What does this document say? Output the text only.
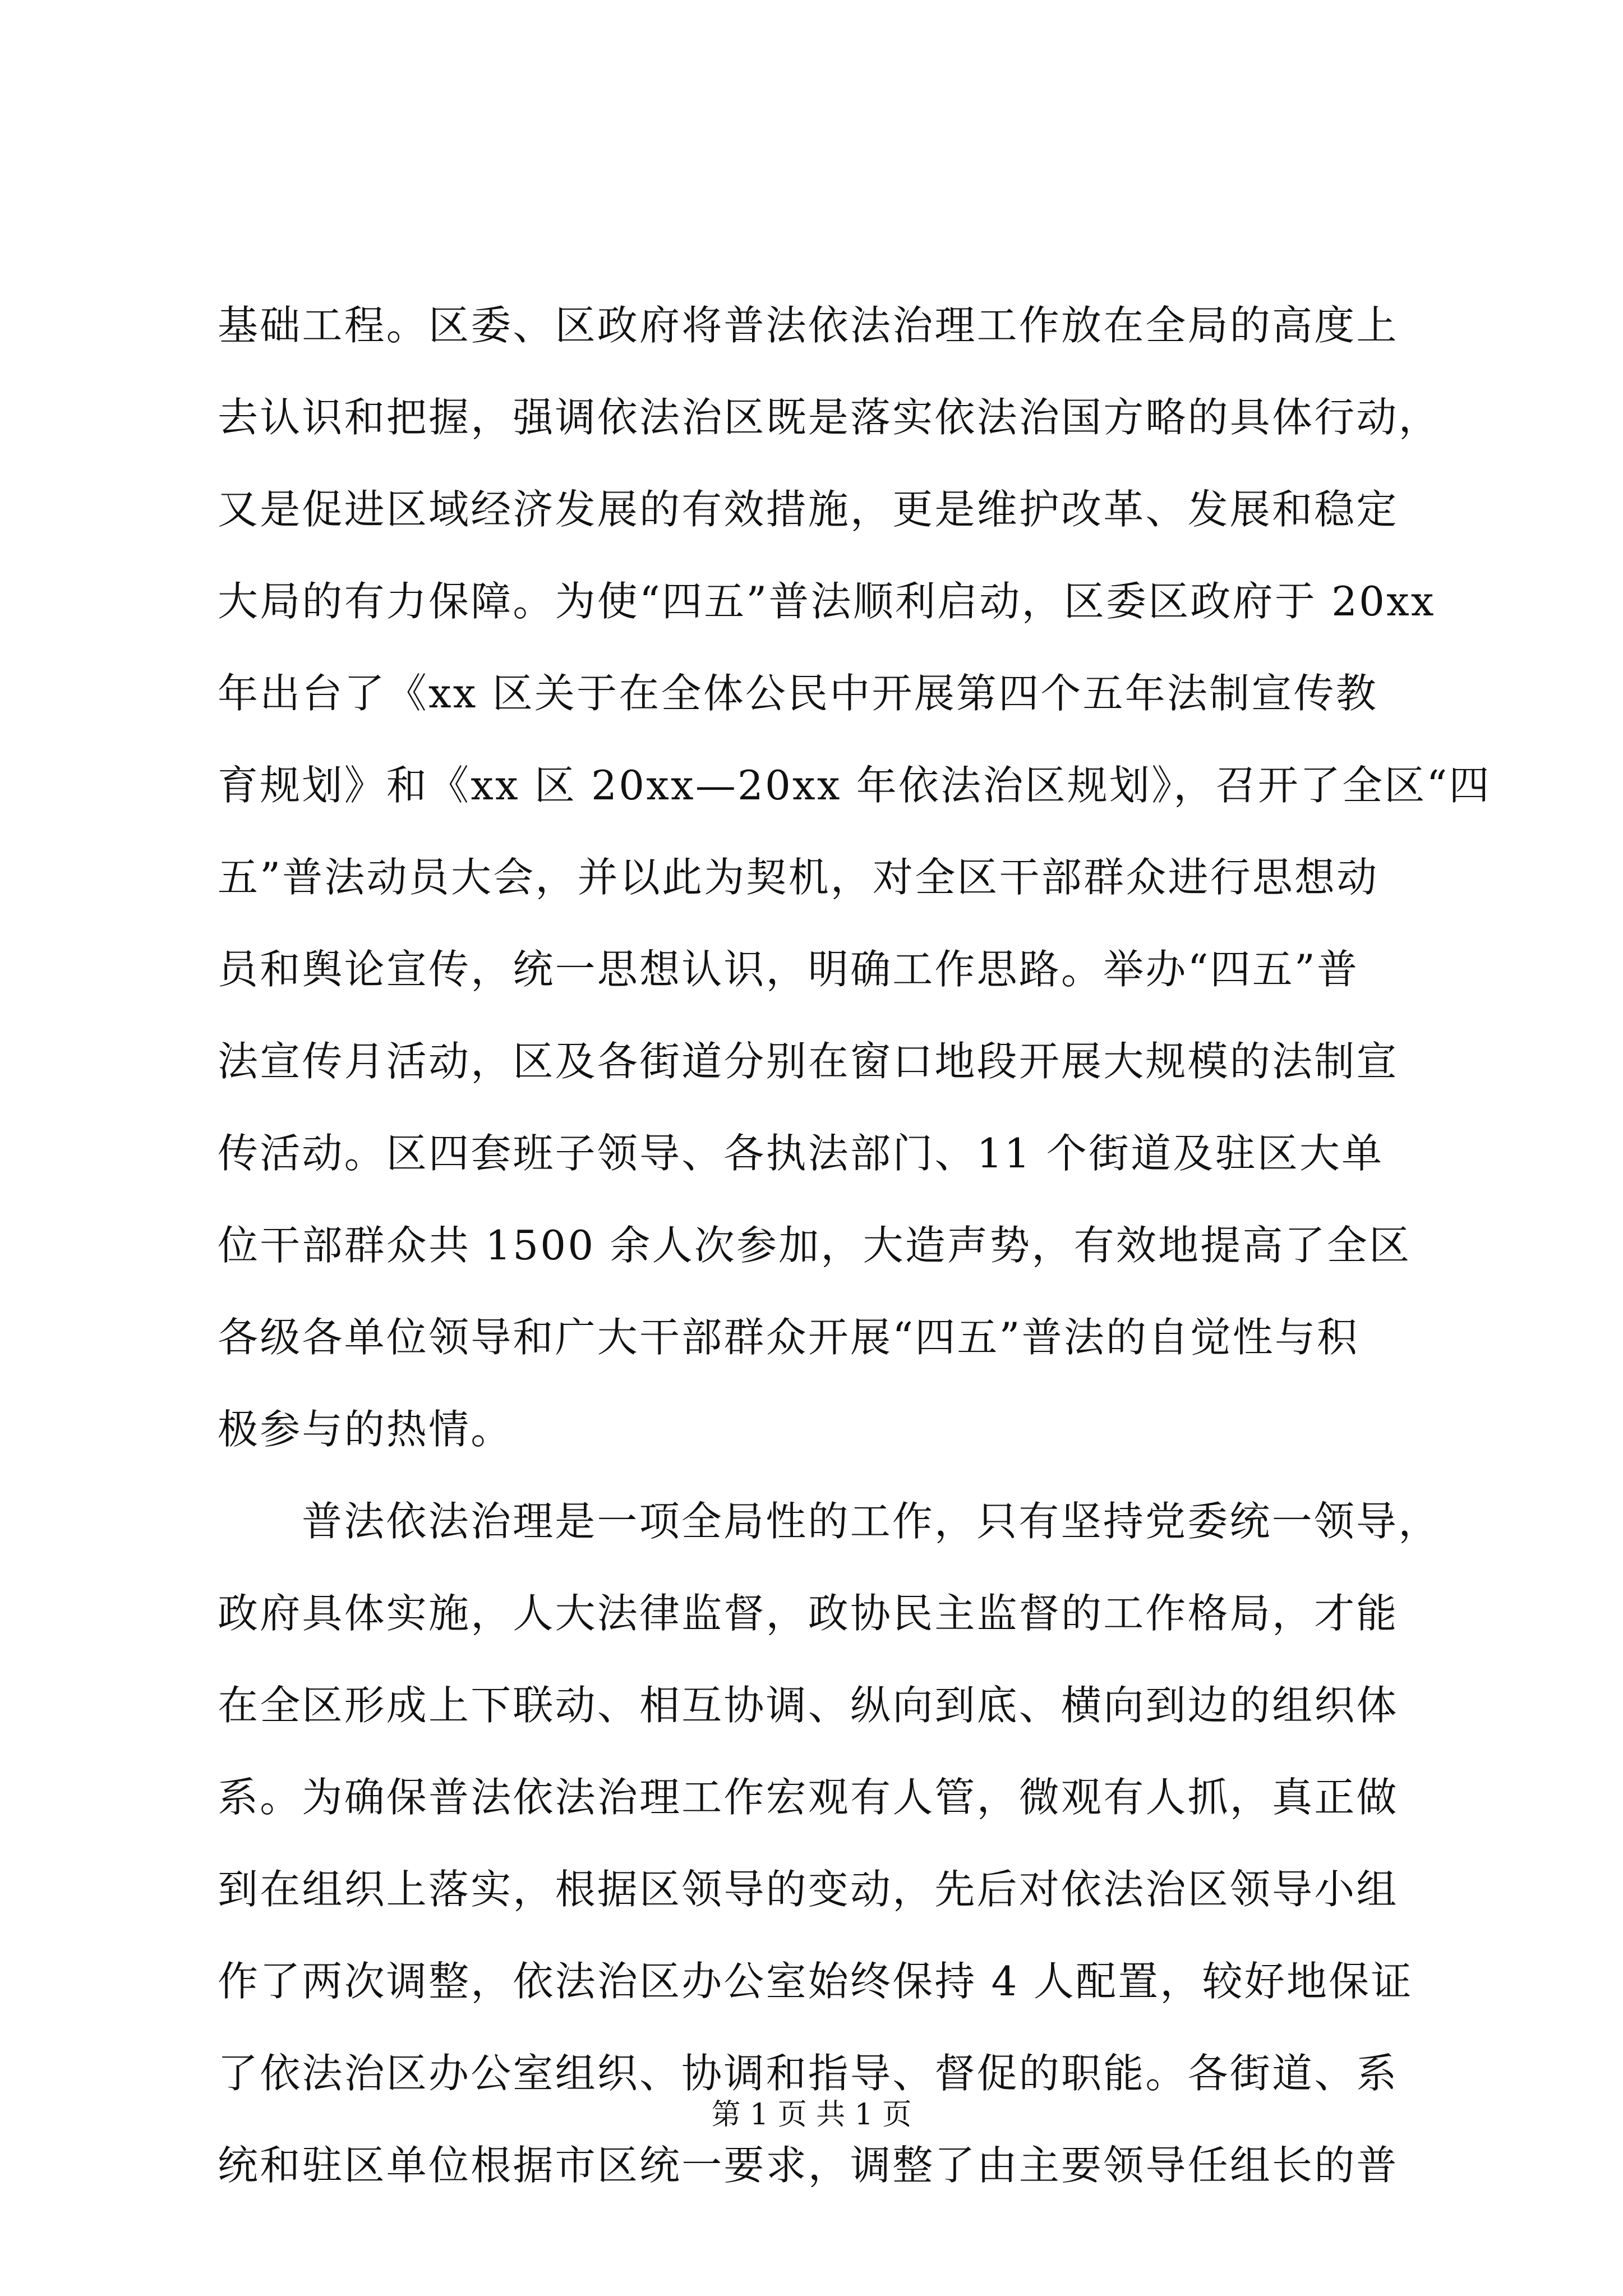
基础工程。区委、区政府将普法依法治理工作放在全局的高度上
去认识和把握，强调依法治区既是落实依法治国方略的具体行动，
又是促进区域经济发展的有效措施，更是维护改革、发展和稳定
大局的有力保障。为使“四五”普法顺利启动，区委区政府于 20xx
年出台了《xx 区关于在全体公民中开展第四个五年法制宣传教
育规划》和《xx 区 20xx—20xx 年依法治区规划》，召开了全区“四
五”普法动员大会，并以此为契机，对全区干部群众进行思想动
员和舆论宣传，统一思想认识，明确工作思路。举办“四五”普
法宣传月活动，区及各街道分别在窗口地段开展大规模的法制宣
传活动。区四套班子领导、各执法部门、11 个街道及驻区大单
位干部群众共 1500 余人次参加，大造声势，有效地提高了全区
各级各单位领导和广大干部群众开展“四五”普法的自觉性与积
极参与的热情。
普法依法治理是一项全局性的工作，只有坚持党委统一领导，
政府具体实施，人大法律监督，政协民主监督的工作格局，才能
在全区形成上下联动、相互协调、纵向到底、横向到边的组织体
系。为确保普法依法治理工作宏观有人管，微观有人抓，真正做
到在组织上落实，根据区领导的变动，先后对依法治区领导小组
作了两次调整，依法治区办公室始终保持 4 人配置，较好地保证
了依法治区办公室组织、协调和指导、督促的职能。各街道、系
统和驻区单位根据市区统一要求，调整了由主要领导任组长的普
第 1 页 共 1 页
